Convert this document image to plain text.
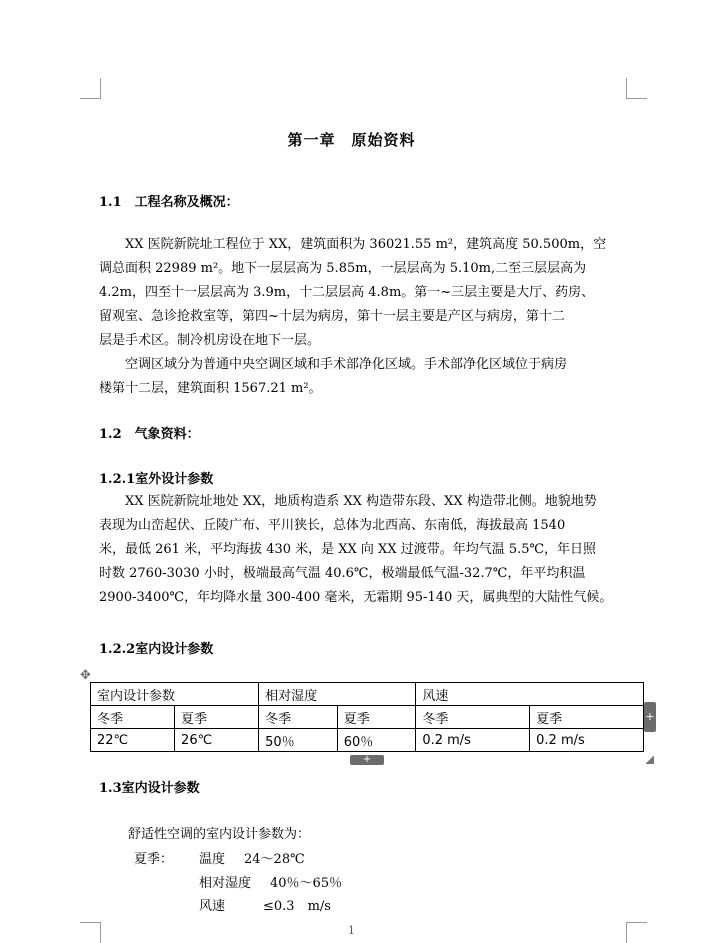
第一章　原始资料
1.1　工程名称及概况：
XX 医院新院址工程位于 XX，建筑面积为 36021.55 m²，建筑高度 50.500m，空
调总面积 22989 m²。地下一层层高为 5.85m，一层层高为 5.10m,二至三层层高为
4.2m，四至十一层层高为 3.9m，十二层层高 4.8m。第一~三层主要是大厅、药房、
留观室、急诊抢救室等，第四~十层为病房，第十一层主要是产区与病房，第十二
层是手术区。制冷机房设在地下一层。
空调区域分为普通中央空调区域和手术部净化区域。手术部净化区域位于病房
楼第十二层，建筑面积 1567.21 m²。
1.2　气象资料：
1.2.1室外设计参数
XX 医院新院址地处 XX，地质构造系 XX 构造带东段、XX 构造带北侧。地貌地势
表现为山峦起伏、丘陵广布、平川狭长，总体为北西高、东南低，海拔最高 1540
米，最低 261 米，平均海拔 430 米，是 XX 向 XX 过渡带。年均气温 5.5℃，年日照
时数 2760-3030 小时，极端最高气温 40.6℃，极端最低气温-32.7℃，年平均积温
2900-3400℃，年均降水量 300-400 毫米，无霜期 95-140 天，属典型的大陆性气候。
1.2.2室内设计参数
✥
室内设计参数		相对湿度		风速	
冬季	夏季	冬季	夏季	冬季	夏季
22℃	26℃	50％	60％	0.2 m/s	0.2 m/s
+
+
1.3室内设计参数
舒适性空调的室内设计参数为：
夏季： 温度 24～28℃
相对湿度 40％～65％
风速	≤0.3　m/s
1
